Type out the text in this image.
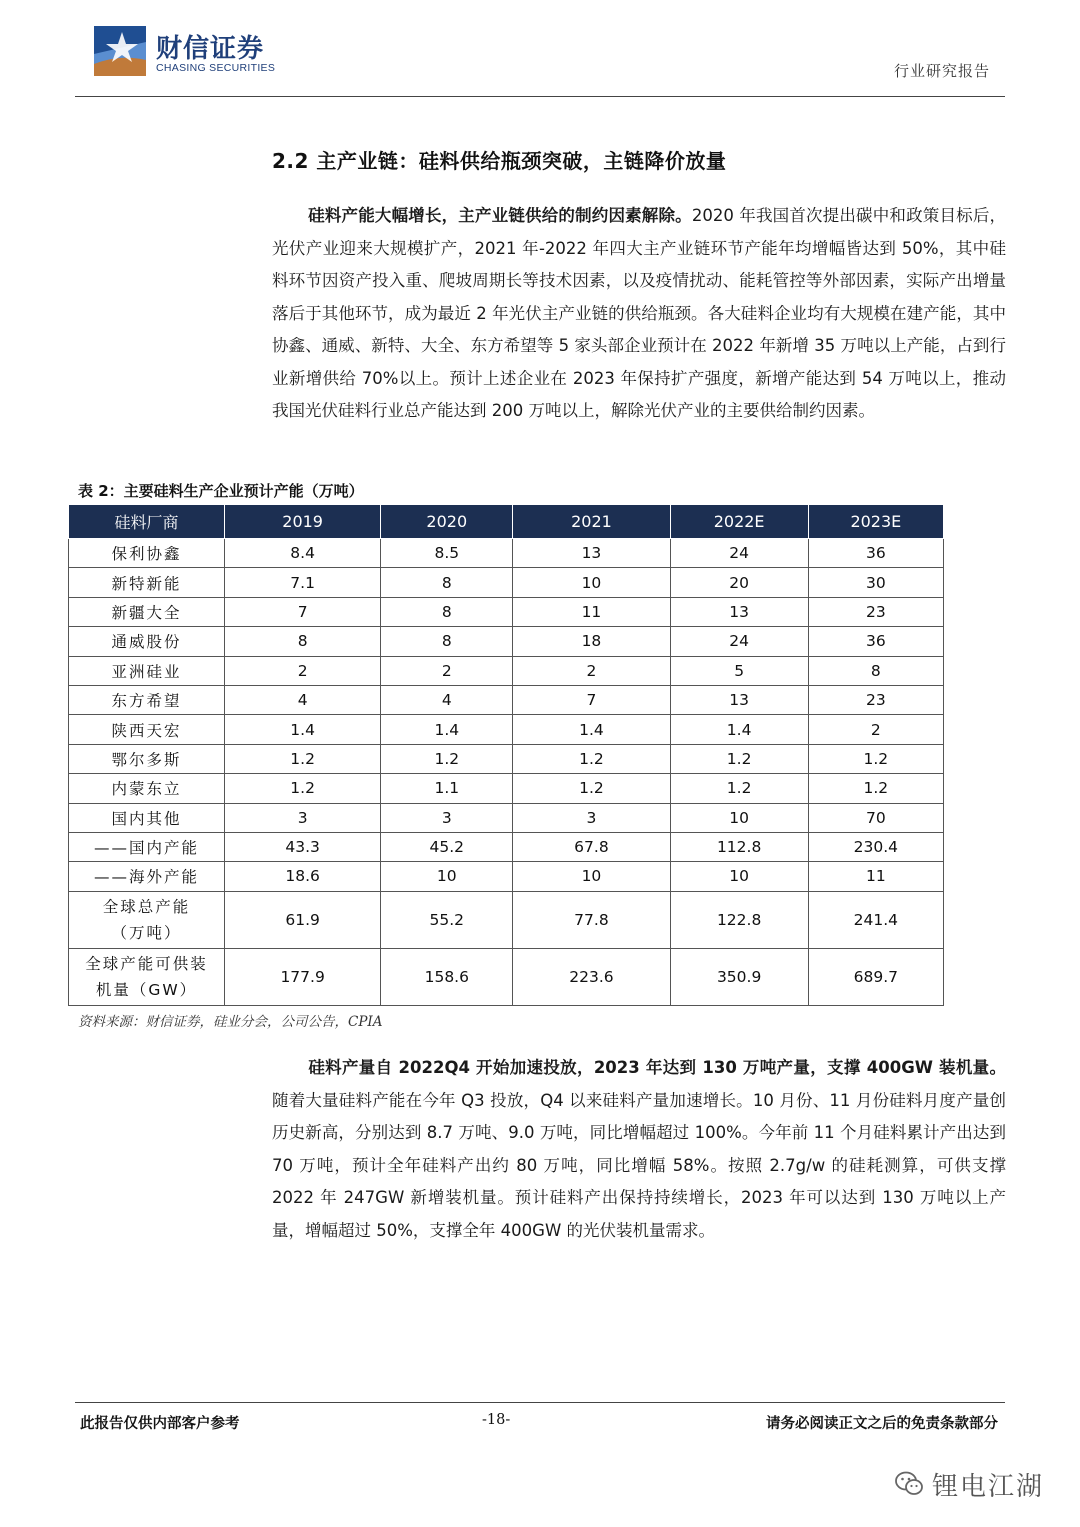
财信证券
CHASING SECURITIES	行业研究报告
2.2 主产业链：硅料供给瓶颈突破，主链降价放量
硅料产能大幅增长，主产业链供给的制约因素解除。2020 年我国首次提出碳中和政策目标后，光伏产业迎来大规模扩产，2021 年-2022 年四大主产业链环节产能年均增幅皆达到 50%，其中硅料环节因资产投入重、爬坡周期长等技术因素，以及疫情扰动、能耗管控等外部因素，实际产出增量落后于其他环节，成为最近 2 年光伏主产业链的供给瓶颈。各大硅料企业均有大规模在建产能，其中协鑫、通威、新特、大全、东方希望等 5 家头部企业预计在 2022 年新增 35 万吨以上产能，占到行业新增供给 70%以上。预计上述企业在 2023 年保持扩产强度，新增产能达到 54 万吨以上，推动我国光伏硅料行业总产能达到 200 万吨以上，解除光伏产业的主要供给制约因素。
表 2：主要硅料生产企业预计产能（万吨）
硅料厂商	2019	2020	2021	2022E	2023E
保利协鑫	8.4	8.5	13	24	36
新特新能	7.1	8	10	20	30
新疆大全	7	8	11	13	23
通威股份	8	8	18	24	36
亚洲硅业	2	2	2	5	8
东方希望	4	4	7	13	23
陕西天宏	1.4	1.4	1.4	1.4	2
鄂尔多斯	1.2	1.2	1.2	1.2	1.2
内蒙东立	1.2	1.1	1.2	1.2	1.2
国内其他	3	3	3	10	70
——国内产能	43.3	45.2	67.8	112.8	230.4
——海外产能	18.6	10	10	10	11

全球总产能
（万吨）	61.9	55.2	77.8	122.8	241.4

全球产能可供装
机量（GW）	177.9	158.6	223.6	350.9	689.7
资料来源：财信证券，硅业分会，公司公告，CPIA
硅料产量自 2022Q4 开始加速投放，2023 年达到 130 万吨产量，支撑 400GW 装机量。随着大量硅料产能在今年 Q3 投放，Q4 以来硅料产量加速增长。10 月份、11 月份硅料月度产量创历史新高，分别达到 8.7 万吨、9.0 万吨，同比增幅超过 100%。今年前 11 个月硅料累计产出达到 70 万吨，预计全年硅料产出约 80 万吨，同比增幅 58%。按照 2.7g/w 的硅耗测算，可供支撑 2022 年 247GW 新增装机量。预计硅料产出保持持续增长，2023 年可以达到 130 万吨以上产量，增幅超过 50%，支撑全年 400GW 的光伏装机量需求。
此报告仅供内部客户参考	-18-	请务必阅读正文之后的免责条款部分
锂电江湖
